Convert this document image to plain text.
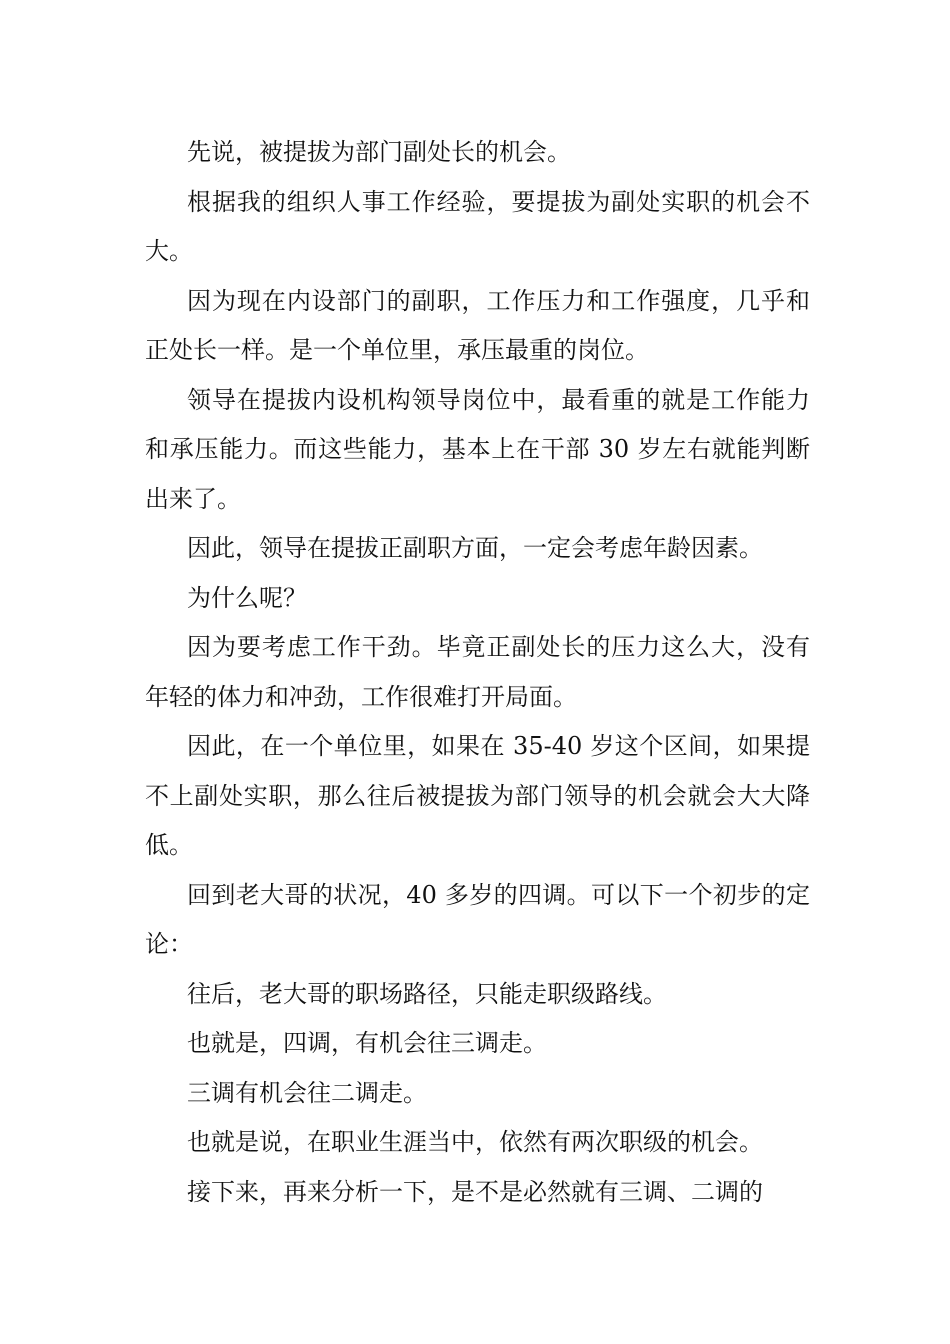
先说，被提拔为部门副处长的机会。

根据我的组织人事工作经验，要提拔为副处实职的机会不大。

因为现在内设部门的副职，工作压力和工作强度，几乎和正处长一样。是一个单位里，承压最重的岗位。

领导在提拔内设机构领导岗位中，最看重的就是工作能力和承压能力。而这些能力，基本上在干部 30 岁左右就能判断出来了。

因此，领导在提拔正副职方面，一定会考虑年龄因素。

为什么呢？

因为要考虑工作干劲。毕竟正副处长的压力这么大，没有年轻的体力和冲劲，工作很难打开局面。

因此，在一个单位里，如果在 35-40 岁这个区间，如果提不上副处实职，那么往后被提拔为部门领导的机会就会大大降低。

回到老大哥的状况，40 多岁的四调。可以下一个初步的定论：

往后，老大哥的职场路径，只能走职级路线。

也就是，四调，有机会往三调走。

三调有机会往二调走。

也就是说，在职业生涯当中，依然有两次职级的机会。

接下来，再来分析一下，是不是必然就有三调、二调的
